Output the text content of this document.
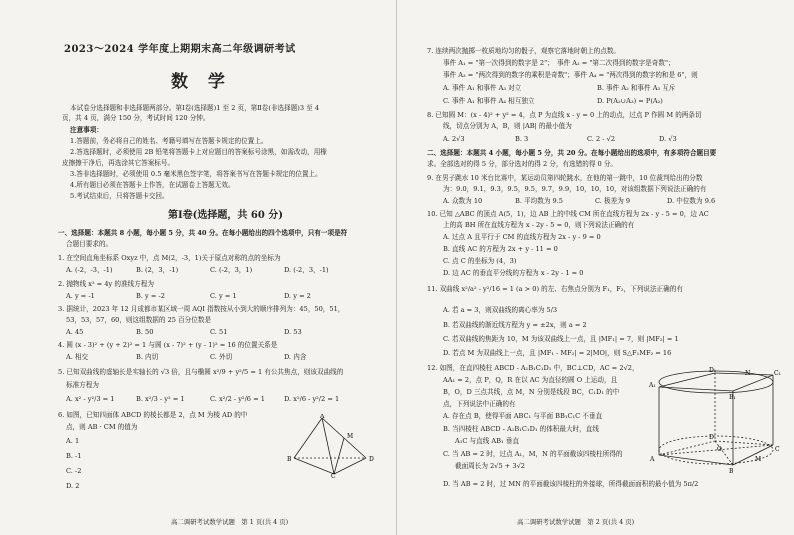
2023～2024 学年度上期期末高二年级调研考试
数 学
本试卷分选择题和非选择题两部分。第Ⅰ卷(选择题)1 至 2 页，第Ⅱ卷(非选择题)3 至 4
页，共 4 页，满分 150 分，考试时间 120 分钟。
注意事项：
1.答题前，务必将自己的姓名、考籍号填写在答题卡规定的位置上。
2.答选择题时，必须使用 2B 铅笔将答题卡上对应题目的答案标号涂黑，如需改动，用橡
皮擦擦干净后，再选涂其它答案标号。
3.答非选择题时，必须使用 0.5 毫米黑色签字笔，将答案书写在答题卡规定的位置上。
4.所有题目必须在答题卡上作答，在试题卷上答题无效。
5.考试结束后，只将答题卡交回。
第Ⅰ卷(选择题，共 60 分)
一、选择题：本题共 8 小题，每小题 5 分，共 40 分。在每小题给出的四个选项中，只有一项是符
合题目要求的。
1. 在空间直角坐标系 Oxyz 中，点 M(2，-3，1)关于原点对称的点的坐标为
A. (-2，-3，-1)	B. (2，3，-1)	C. (-2，3，1)	D. (-2，3，-1)
2. 抛物线 x² = 4y 的准线方程为
A. y = -1	B. y = -2	C. y = 1	D. y = 2
3. 据统计，2023 年 12 月成都市某区域一周 AQI 指数按从小到大的顺序排列为：45，50，51，
53，53，57，60，则这组数据的 25 百分位数是
A. 45	B. 50	C. 51	D. 53
4. 圆 (x - 3)² + (y + 2)² = 1 与圆 (x - 7)² + (y - 1)² = 16 的位置关系是
A. 相交	B. 内切	C. 外切	D. 内含
5. 已知双曲线的虚轴长是实轴长的 √3 倍，且与椭圆 x²/9 + y²/5 = 1 有公共焦点，则该双曲线的
标准方程为
A. x² - y²/3 = 1	B. x²/3 - y² = 1	C. x²/2 - y²/6 = 1	D. x²/6 - y²/2 = 1
6. 如图，已知四面体 ABCD 的棱长都是 2，点 M 为棱 AD 的中
点，则 AB · CM 的值为
A. 1
B. -1
C. -2
D. 2
A
B
C
D
M
高二调研考试数学试题　第 1 页(共 4 页)
7. 连续两次抛掷一枚质地均匀的骰子，观察它落地时朝上的点数。
事件 A₁ = "第一次得到的数字是 2"；　事件 A₂ = "第二次得到的数字是奇数"；
事件 A₃ = "两次得到的数字的乘积是奇数"；事件 A₄ = "两次得到的数字的和是 6"，则
A. 事件 A₁ 和事件 A₃ 对立	B. 事件 A₂ 和事件 A₃ 互斥
C. 事件 A₁ 和事件 A₄ 相互独立	D. P(A₂∪A₃) = P(A₂)
8. 已知圆 M：(x - 4)² + y² = 4，点 P 为直线 x - y = 0 上的动点，过点 P 作圆 M 的两条切
线，切点分别为 A，B，则 |AB| 的最小值为
A. 2√3	B. 3	C. 2 - √2	D. √3
二、选择题：本题共 4 小题，每小题 5 分，共 20 分。在每小题给出的选项中，有多项符合题目要
求。全部选对的得 5 分，部分选对的得 2 分，有选错的得 0 分。
9. 在男子跳水 10 米台比赛中，某运动员第四轮跳水，在他的第一跳中，10 位裁判给出的分数
为：9.0，9.1，9.3，9.5，9.5，9.7，9.9，10，10，10，对该组数据下列说法正确的有
A. 众数为 10	B. 平均数为 9.5	C. 极差为 9	D. 中位数为 9.6
10. 已知 △ABC 的顶点 A(5，1)，边 AB 上的中线 CM 所在直线方程为 2x - y - 5 = 0，边 AC
上的高 BH 所在直线方程为 x - 2y - 5 = 0，则下列说法正确的有
A. 过点 A 且平行于 CM 的直线方程为 2x - y - 9 = 0
B. 直线 AC 的方程为 2x + y - 11 = 0
C. 点 C 的坐标为 (4，3)
D. 边 AC 的垂直平分线的方程为 x - 2y - 1 = 0
11. 双曲线 x²/a² - y²/16 = 1 (a > 0) 的左、右焦点分别为 F₁，F₂，下列说法正确的有
A. 若 a = 3，则双曲线的离心率为 5/3
B. 若双曲线的渐近线方程为 y = ±2x，则 a = 2
C. 若双曲线的焦距为 10，M 为该双曲线上一点，且 |MF₁| = 7，则 |MF₂| = 1
D. 若点 M 为双曲线上一点，且 |MF₁ - MF₂| = 2|MO|，则 S△F₁MF₂ = 16
12. 如图，在直四棱柱 ABCD - A₁B₁C₁D₁ 中，BC⊥CD，AC = 2√2，
AA₁ = 2，点 P，Q，R 在以 AC 为直径的圆 O 上运动，且
B，O，D 三点共线，点 M，N 分别是线段 BC，C₁D₁ 的中
点，下列说法中正确的有
A. 存在点 B，使得平面 ABC₁ 与平面 BB₁C₁C 不垂直
B. 当四棱柱 ABCD - A₁B₁C₁D₁ 的体积最大时，直线
A₁C 与直线 AB₁ 垂直
C. 当 AB = 2 时，过点 A₁，M，N 的平面截该四棱柱所得的
截面周长为 2√5 + 3√2
D. 当 AB = 2 时，过 MN 的平面截该四棱柱的外接球，所得截面面积的最小值为 5π/2
A₁
B₁
C₁
D₁	N
A
B
C
D
O
M
高二调研考试数学试题　第 2 页(共 4 页)
